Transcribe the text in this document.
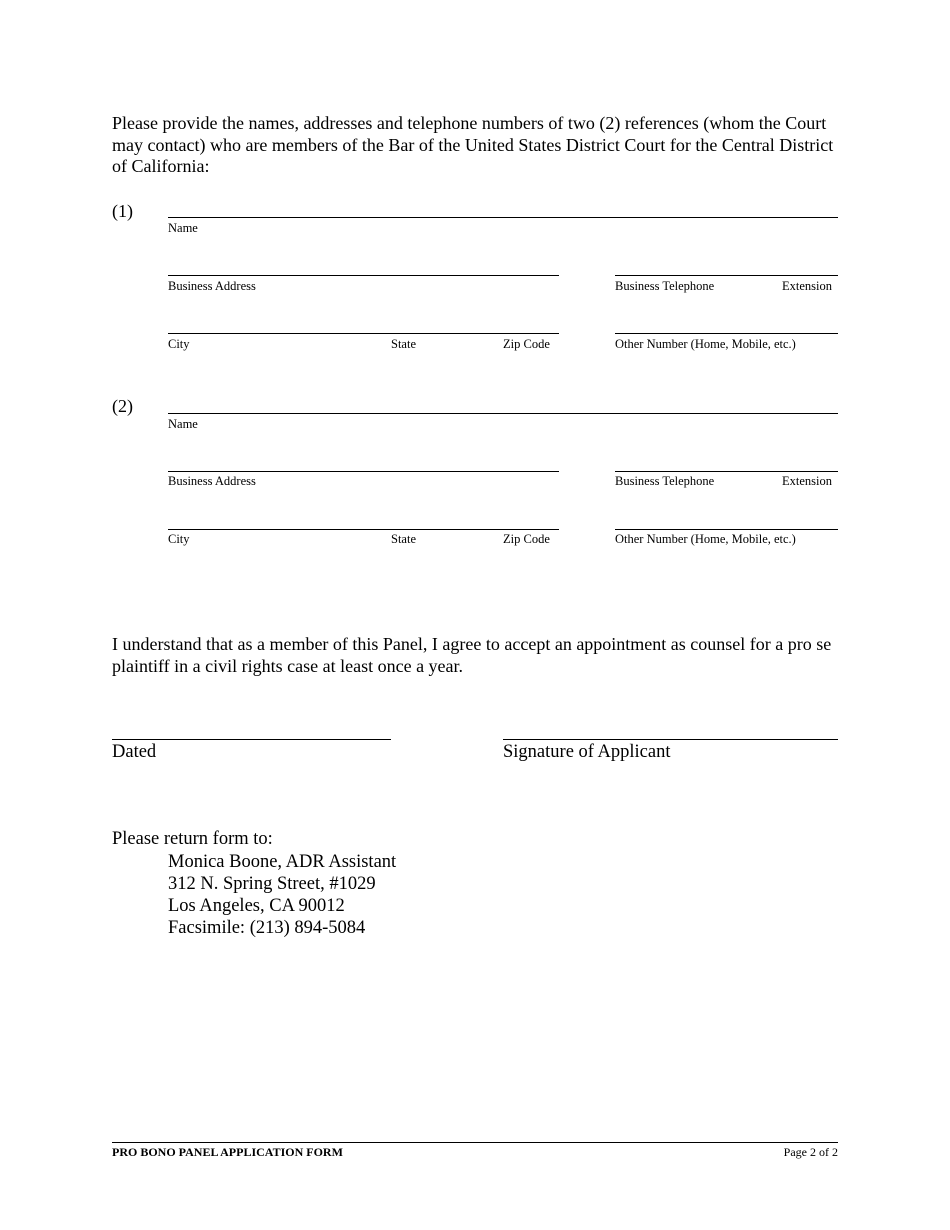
Please provide the names, addresses and telephone numbers of two (2) references (whom the Court may contact) who are members of the Bar of the United States District Court for the Central District of California:
(1)
Name
Business Address	Business Telephone	Extension
City	State	Zip Code	Other Number (Home, Mobile, etc.)
(2)
Name
Business Address	Business Telephone	Extension
City	State	Zip Code	Other Number (Home, Mobile, etc.)
I understand that as a member of this Panel, I agree to accept an appointment as counsel for a pro se plaintiff in a civil rights case at least once a year.
Dated	Signature of Applicant
Please return form to:
Monica Boone, ADR Assistant
312 N. Spring Street, #1029
Los Angeles, CA 90012
Facsimile: (213) 894-5084
PRO BONO PANEL APPLICATION FORM	Page 2 of 2
